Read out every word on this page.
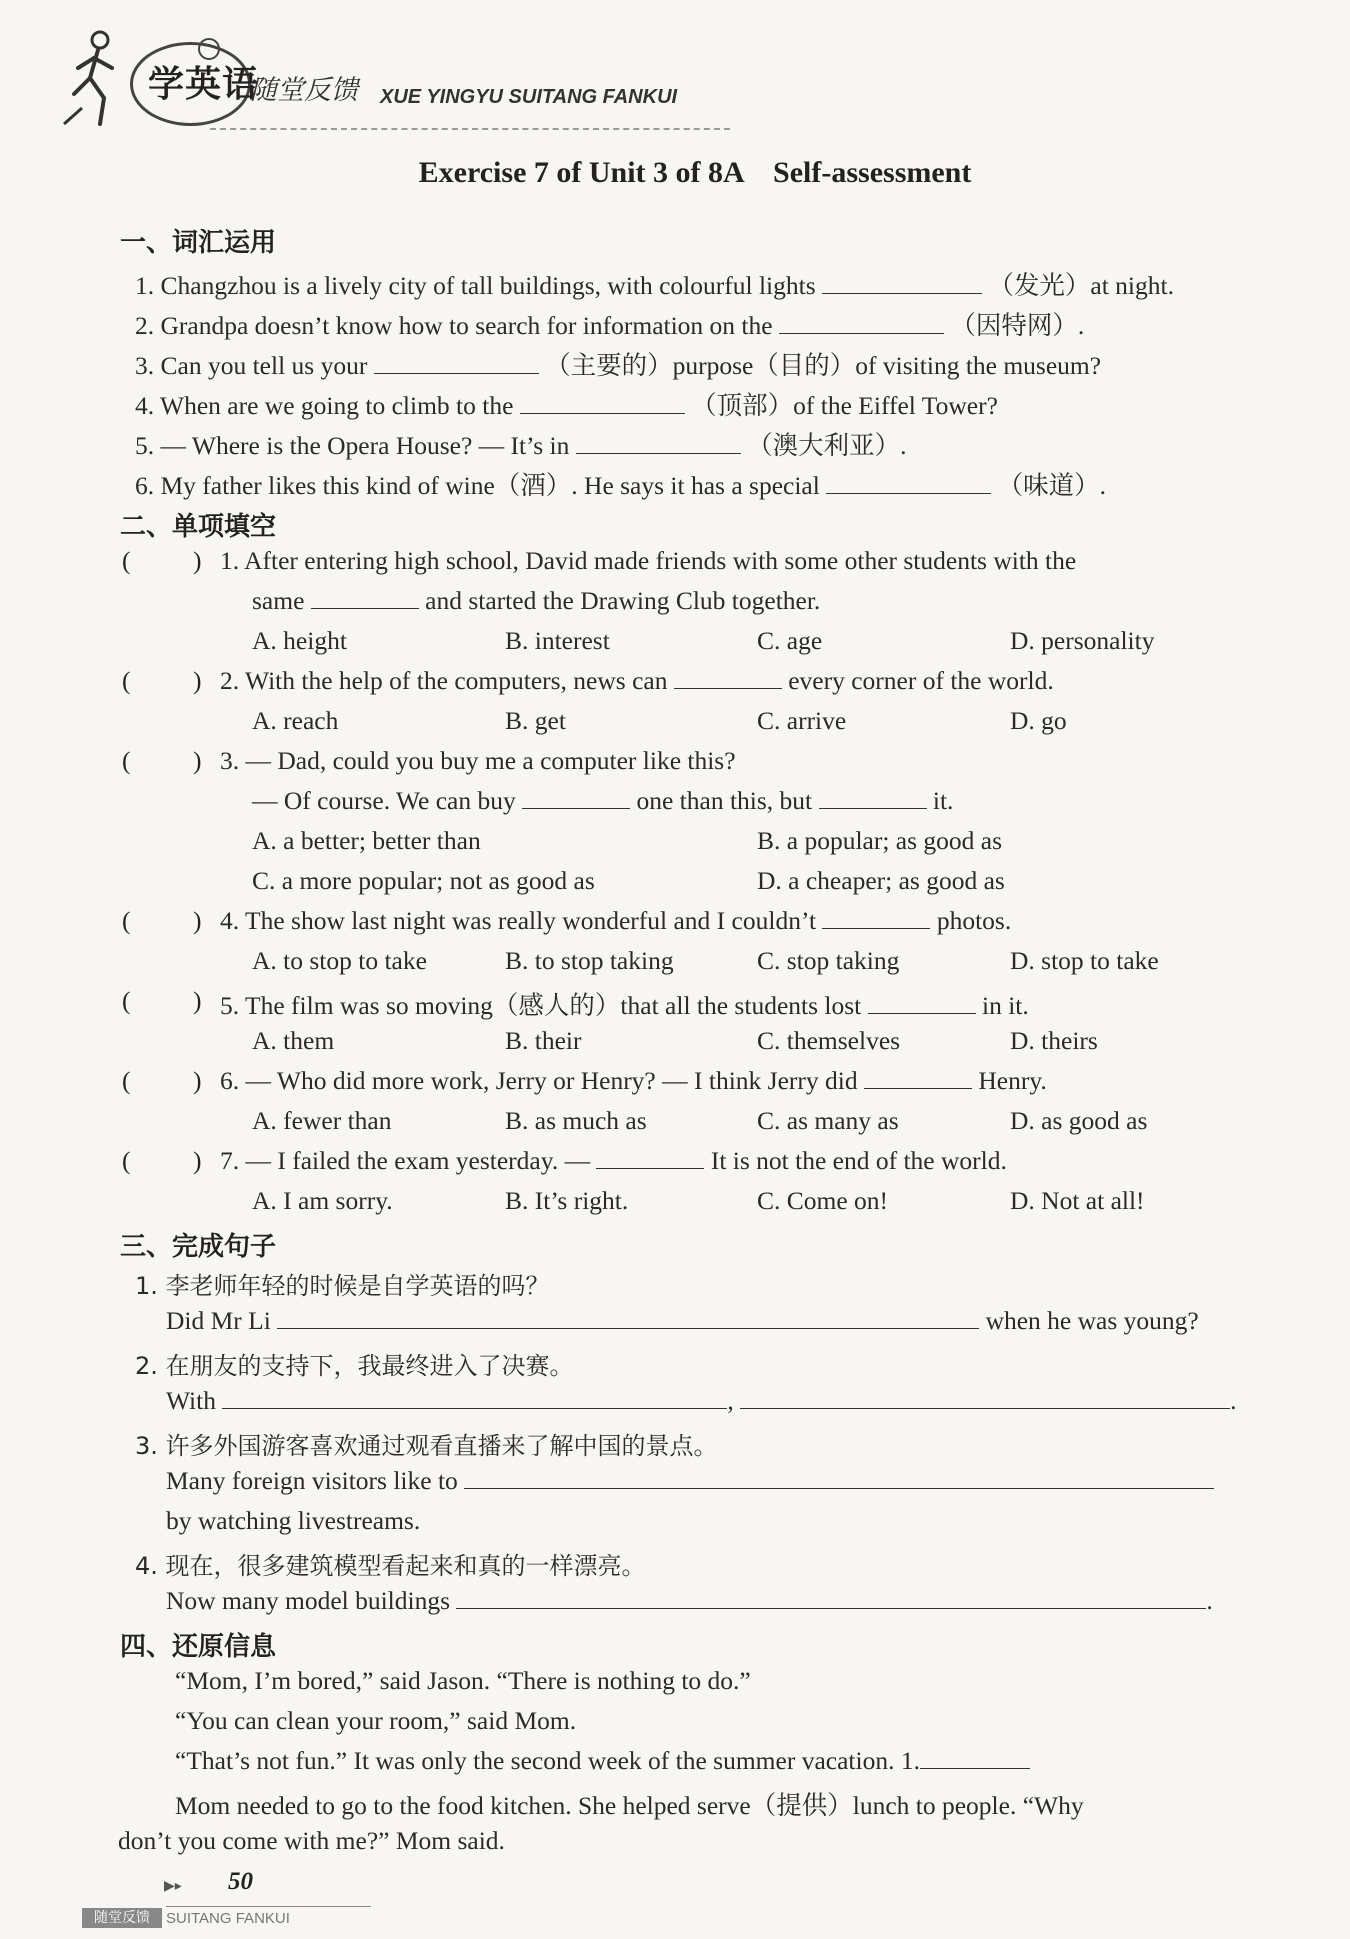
学英语
随堂反馈 XUE YINGYU SUITANG FANKUI
Exercise 7 of Unit 3 of 8A    Self-assessment
一、词汇运用
1. Changzhou is a lively city of tall buildings, with colourful lights	（发光）at night.
2. Grandpa doesn’t know how to search for information on the	（因特网）.
3. Can you tell us your	（主要的）purpose（目的）of visiting the museum?
4. When are we going to climb to the	（顶部）of the Eiffel Tower?
5. — Where is the Opera House? — It’s in	（澳大利亚）.
6. My father likes this kind of wine（酒）. He says it has a special	（味道）.
二、单项填空
( ) 1. After entering high school, David made friends with some other students with the
same	and started the Drawing Club together.
A. height	B. interest	C. age	D. personality
( ) 2. With the help of the computers, news can	every corner of the world.
A. reach	B. get	C. arrive	D. go
( ) 3. — Dad, could you buy me a computer like this?
— Of course. We can buy	one than this, but	it.
A. a better; better than	B. a popular; as good as
C. a more popular; not as good as	D. a cheaper; as good as
( ) 4. The show last night was really wonderful and I couldn’t	photos.
A. to stop to take	B. to stop taking	C. stop taking	D. stop to take
( ) 5. The film was so moving（感人的）that all the students lost	in it.
A. them	B. their	C. themselves	D. theirs
( ) 6. — Who did more work, Jerry or Henry? — I think Jerry did	Henry.
A. fewer than	B. as much as	C. as many as	D. as good as
( ) 7. — I failed the exam yesterday. —	It is not the end of the world.
A. I am sorry.	B. It’s right.	C. Come on!	D. Not at all!
三、完成句子
1. 李老师年轻的时候是自学英语的吗？
Did Mr Li	when he was young?
2. 在朋友的支持下，我最终进入了决赛。
With	,	.
3. 许多外国游客喜欢通过观看直播来了解中国的景点。
Many foreign visitors like to
by watching livestreams.
4. 现在，很多建筑模型看起来和真的一样漂亮。
Now many model buildings	.
四、还原信息
“Mom, I’m bored,” said Jason. “There is nothing to do.”
“You can clean your room,” said Mom.
“That’s not fun.” It was only the second week of the summer vacation. 1.
Mom needed to go to the food kitchen. She helped serve（提供）lunch to people. “Why
don’t you come with me?” Mom said.
▶▸ 50
随堂反馈	SUITANG FANKUI
